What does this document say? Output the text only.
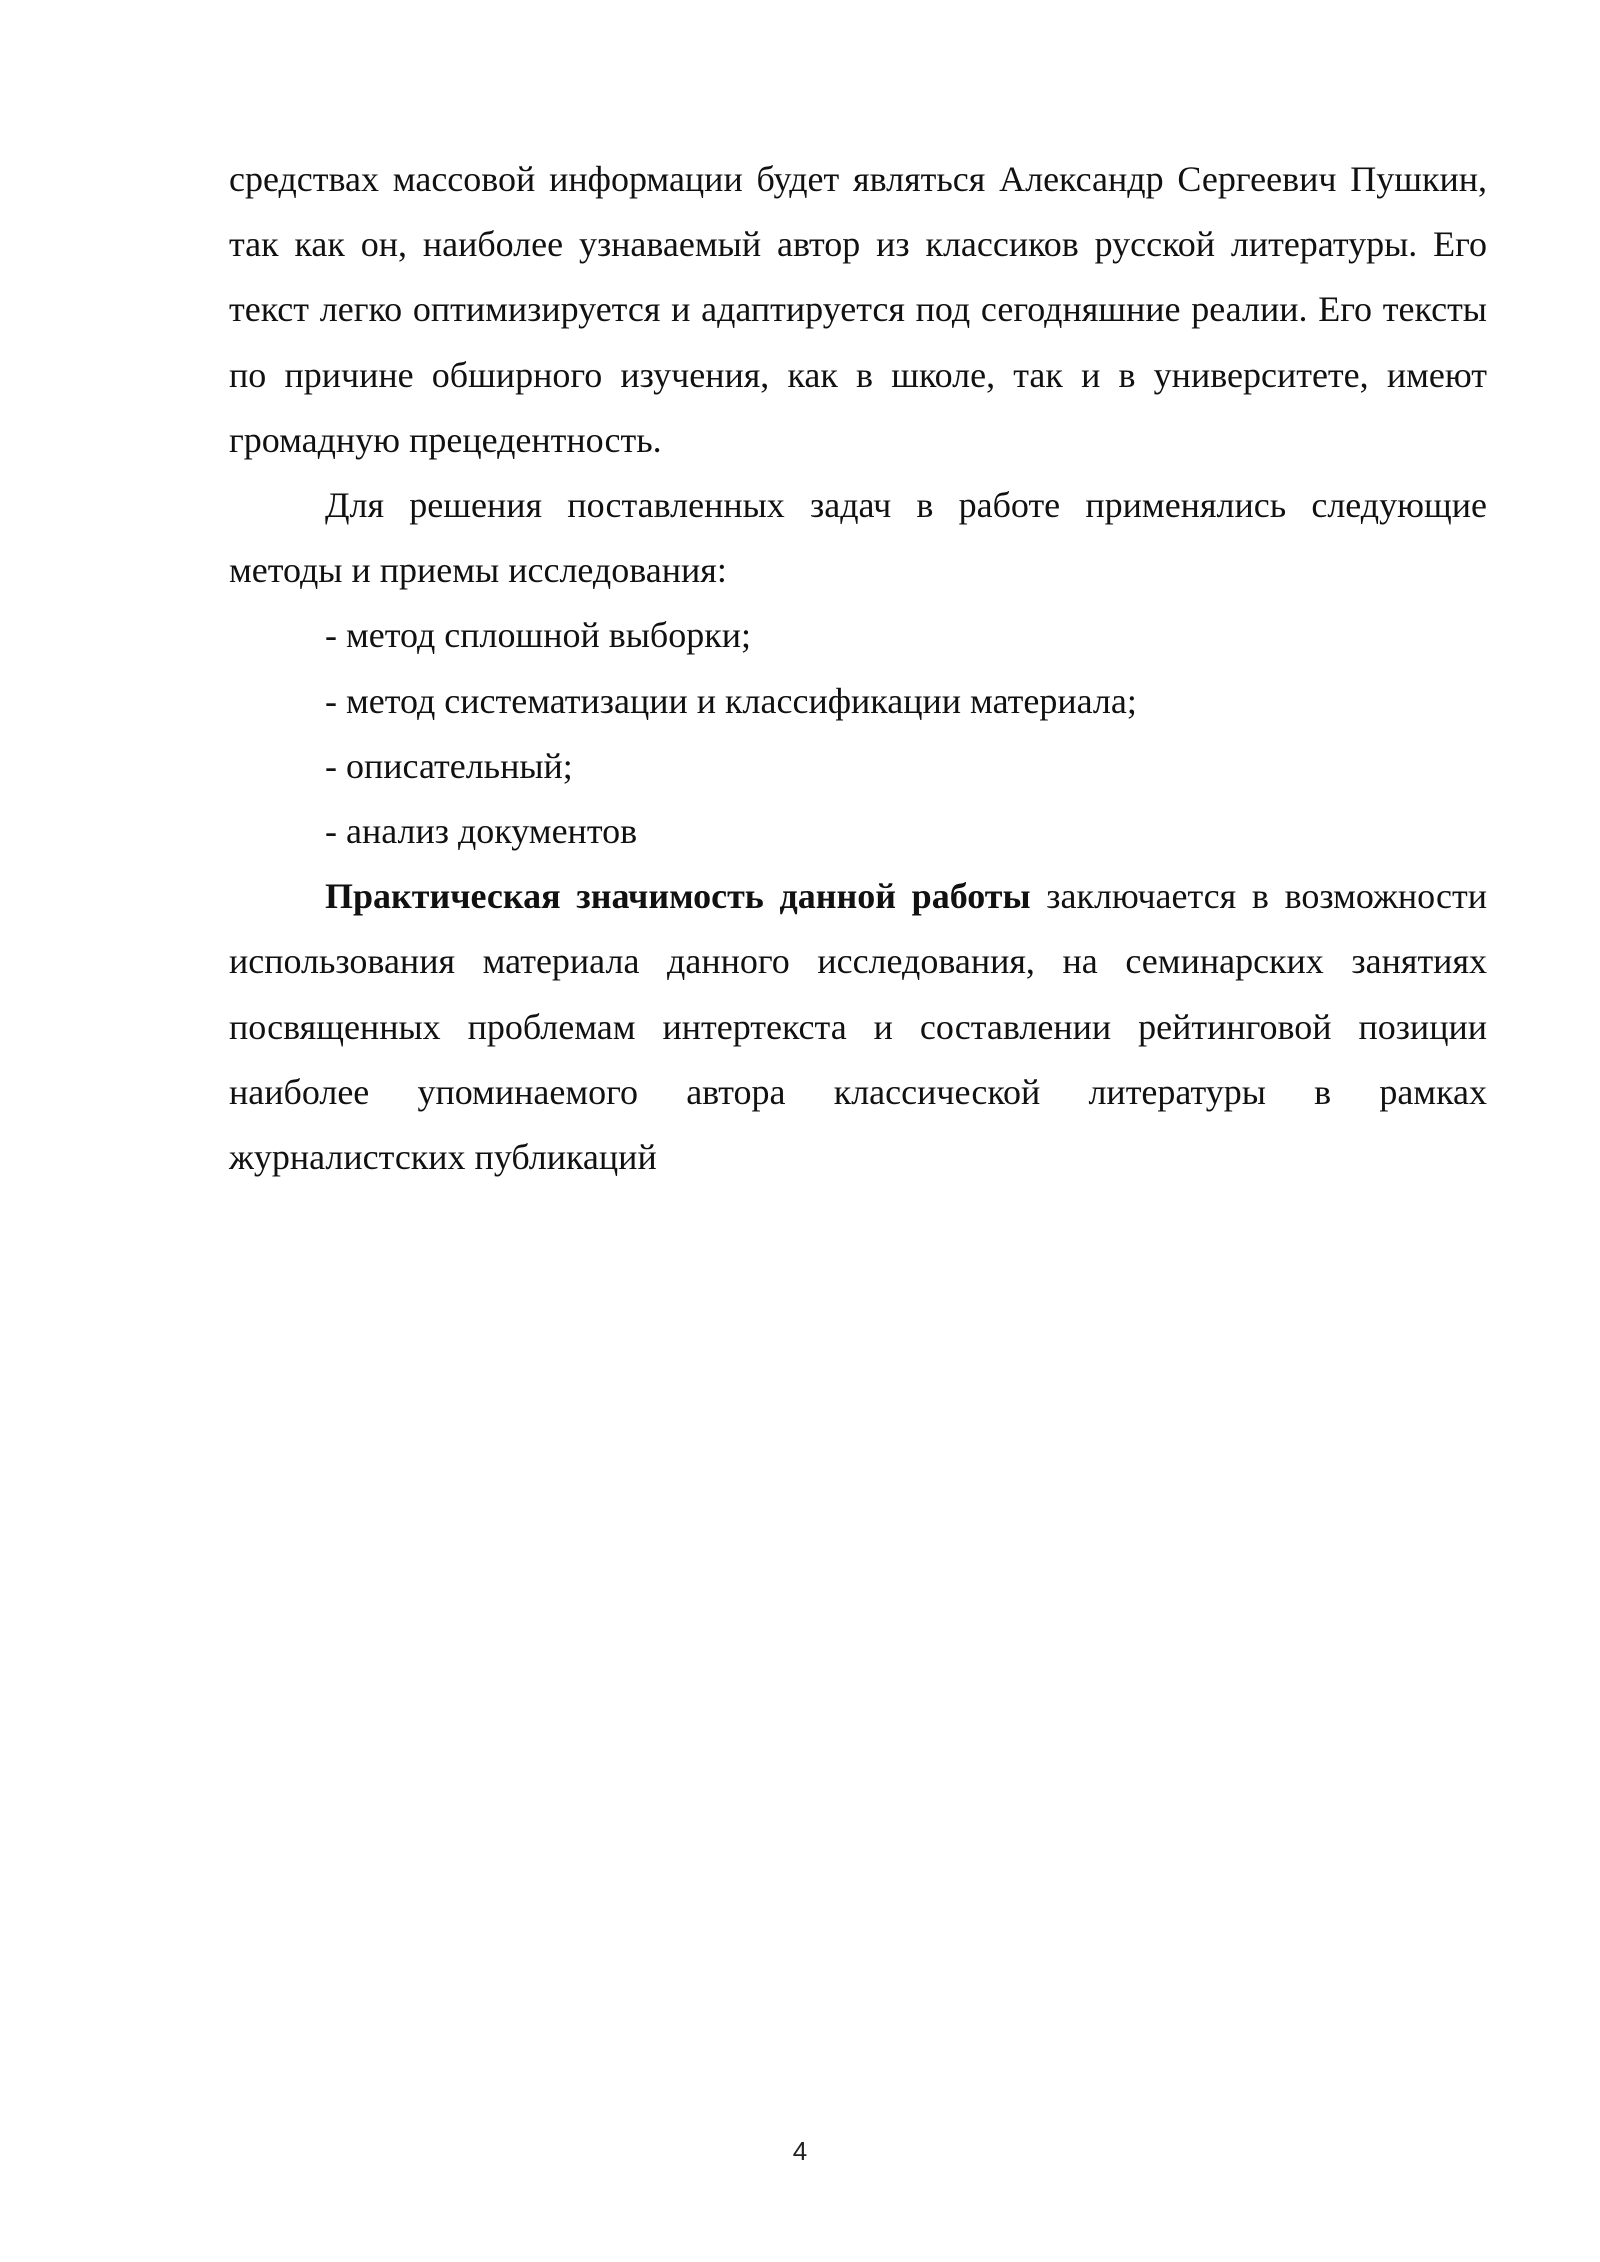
средствах массовой информации будет являться Александр Сергеевич Пушкин, так как он, наиболее узнаваемый автор из классиков русской литературы. Его текст легко оптимизируется и адаптируется под сегодняшние реалии. Его тексты по причине обширного изучения, как в школе, так и в университете, имеют громадную прецедентность.

Для решения поставленных задач в работе применялись следующие методы и приемы исследования:

- метод сплошной выборки;

- метод систематизации и классификации материала;

- описательный;

- анализ документов

Практическая значимость данной работы заключается в возможности использования материала данного исследования, на семинарских занятиях посвященных проблемам интертекста и составлении рейтинговой позиции наиболее упоминаемого автора классической литературы в рамках журналистских публикаций

4
